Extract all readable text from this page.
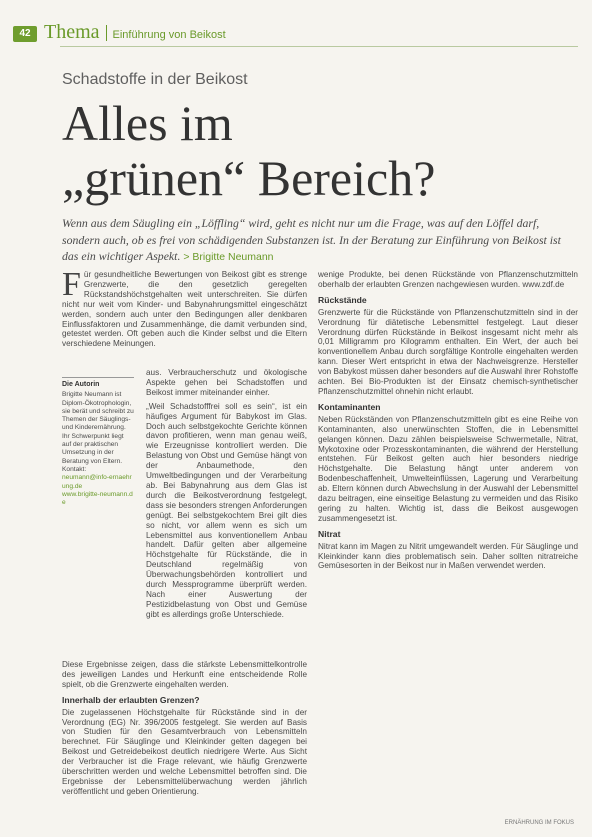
42 Thema Einführung von Beikost
Schadstoffe in der Beikost
Alles im
„grünen“ Bereich?

Wenn aus dem Säugling ein „Löffling“ wird, geht es nicht nur um die Frage, was auf den Löffel darf, sondern auch, ob es frei von schädigenden Substanzen ist. In der Beratung zur Einführung von Beikost ist das ein wichtiger Aspekt. > Brigitte Neumann

F ür gesundheitliche Bewertungen von Beikost gibt es strenge Grenzwerte, die den gesetzlich geregelten Rückstandshöchstgehalten weit unterschreiten. Sie dürfen nicht nur weit vom Kinder- und Babynahrungsmittel eingeschätzt werden, sondern auch unter den Bedingungen aller denkbaren Einflussfaktoren und Zusammenhänge, die damit verbunden sind, getestet werden. Oft geben auch die Kinder selbst und die Eltern verschiedene Meinungen.

Die Autorin
Brigitte Neumann ist Diplom-Ökotrophologin, sie berät und schreibt zu Themen der Säuglings- und Kinderernährung. Ihr Schwerpunkt liegt auf der praktischen Umsetzung in der Beratung von Eltern.
Kontakt:
neumann@info-ernaehrung.de
www.brigitte-neumann.de

aus. Verbraucherschutz und ökologische Aspekte gehen bei Schadstoffen und Beikost immer miteinander einher.

„Weil Schadstofffrei soll es sein“, ist ein häufiges Argument für Babykost im Glas. Doch auch selbstgekochte Gerichte können davon profitieren, wenn man genau weiß, wie Erzeugnisse kontrolliert werden. Die Belastung von Obst und Gemüse hängt von der Anbaumethode, den Umweltbedingungen und der Verarbeitung ab. Bei Babynahrung aus dem Glas ist durch die Beikostverordnung festgelegt, dass sie besonders strengen Anforderungen genügt. Bei selbstgekochtem Brei gilt dies so nicht, vor allem wenn es sich um Lebensmittel aus konventionellem Anbau handelt. Dafür gelten aber allgemeine Höchstgehalte für Rückstände, die in Deutschland regelmäßig von Überwachungsbehörden kontrolliert und durch Messprogramme überprüft werden. Nach einer Auswertung der Pestizidbelastung von Obst und Gemüse gibt es allerdings große Unterschiede.

Diese Ergebnisse zeigen, dass die stärkste Lebensmittelkontrolle des jeweiligen Landes und Herkunft eine entscheidende Rolle spielt, ob die Grenzwerte eingehalten werden.

Innerhalb der erlaubten Grenzen?

Die zugelassenen Höchstgehalte für Rückstände sind in der Verordnung (EG) Nr. 396/2005 festgelegt. Sie werden auf Basis von Studien für den Gesamtverbrauch von Lebensmitteln berechnet. Für Säuglinge und Kleinkinder gelten dagegen bei Beikost und Getreidebeikost deutlich niedrigere Werte. Aus Sicht der Verbraucher ist die Frage relevant, wie häufig Grenzwerte überschritten werden und welche Lebensmittel betroffen sind. Die Ergebnisse der Lebensmittelüberwachung werden jährlich veröffentlicht und geben Orientierung.

wenige Produkte, bei denen Rückstände von Pflanzenschutzmitteln oberhalb der erlaubten Grenzen nachgewiesen wurden. www.zdf.de

Rückstände

Grenzwerte für die Rückstände von Pflanzenschutzmitteln sind in der Verordnung für diätetische Lebensmittel festgelegt. Laut dieser Verordnung dürfen Rückstände in Beikost insgesamt nicht mehr als 0,01 Milligramm pro Kilogramm enthalten. Ein Wert, der auch bei konventionellem Anbau durch sorgfältige Kontrolle eingehalten werden kann. Dieser Wert entspricht in etwa der Nachweisgrenze. Hersteller von Babykost müssen daher besonders auf die Auswahl ihrer Rohstoffe achten. Bei Bio-Produkten ist der Einsatz chemisch-synthetischer Pflanzenschutzmittel ohnehin nicht erlaubt.

Kontaminanten

Neben Rückständen von Pflanzenschutzmitteln gibt es eine Reihe von Kontaminanten, also unerwünschten Stoffen, die in Lebensmittel gelangen können. Dazu zählen beispielsweise Schwermetalle, Nitrat, Mykotoxine oder Prozesskontaminanten, die während der Herstellung entstehen. Für Beikost gelten auch hier besonders niedrige Höchstgehalte. Die Belastung hängt unter anderem von Bodenbeschaffenheit, Umwelteinflüssen, Lagerung und Verarbeitung ab. Eltern können durch Abwechslung in der Auswahl der Lebensmittel dazu beitragen, eine einseitige Belastung zu vermeiden und das Risiko gering zu halten. Wichtig ist, dass die Beikost ausgewogen zusammengesetzt ist.

Nitrat

Nitrat kann im Magen zu Nitrit umgewandelt werden. Für Säuglinge und Kleinkinder kann dies problematisch sein. Daher sollten nitratreiche Gemüsesorten in der Beikost nur in Maßen verwendet werden.

ERNÄHRUNG IM FOKUS
